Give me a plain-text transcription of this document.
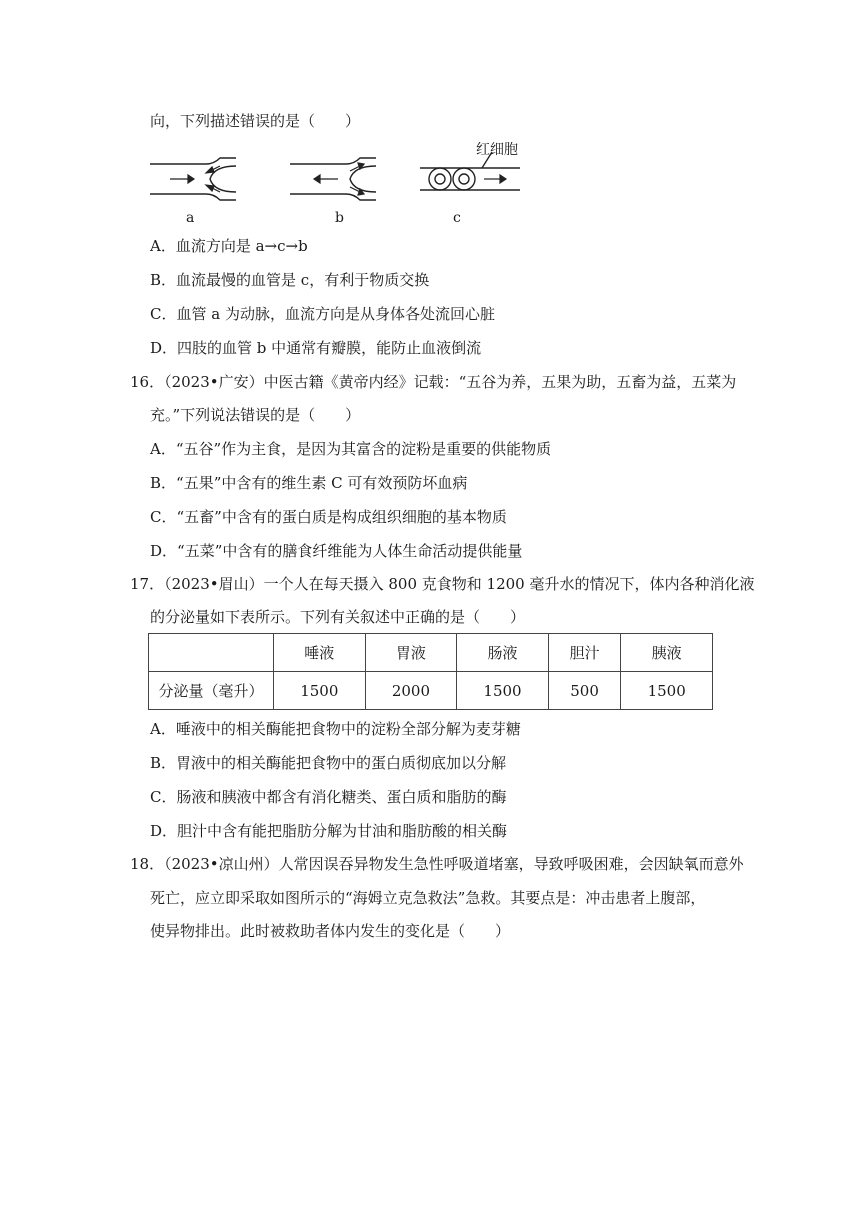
向，下列描述错误的是（　　）
a	b	c
红细胞
A．血流方向是 a→c→b
B．血流最慢的血管是 c，有利于物质交换
C．血管 a 为动脉，血流方向是从身体各处流回心脏
D．四肢的血管 b 中通常有瓣膜，能防止血液倒流
16．（2023•广安）中医古籍《黄帝内经》记载：“五谷为养，五果为助，五畜为益，五菜为
充。”下列说法错误的是（　　）
A．“五谷”作为主食，是因为其富含的淀粉是重要的供能物质
B．“五果”中含有的维生素 C 可有效预防坏血病
C．“五畜”中含有的蛋白质是构成组织细胞的基本物质
D．“五菜”中含有的膳食纤维能为人体生命活动提供能量
17．（2023•眉山）一个人在每天摄入 800 克食物和 1200 毫升水的情况下，体内各种消化液
的分泌量如下表所示。下列有关叙述中正确的是（　　）
	唾液	胃液	肠液	胆汁	胰液
分泌量（毫升）	1500	2000	1500	500	1500
A．唾液中的相关酶能把食物中的淀粉全部分解为麦芽糖
B．胃液中的相关酶能把食物中的蛋白质彻底加以分解
C．肠液和胰液中都含有消化糖类、蛋白质和脂肪的酶
D．胆汁中含有能把脂肪分解为甘油和脂肪酸的相关酶
18．（2023•凉山州）人常因误吞异物发生急性呼吸道堵塞，导致呼吸困难，会因缺氧而意外
死亡，应立即采取如图所示的“海姆立克急救法”急救。其要点是：冲击患者上腹部，
使异物排出。此时被救助者体内发生的变化是（　　）
